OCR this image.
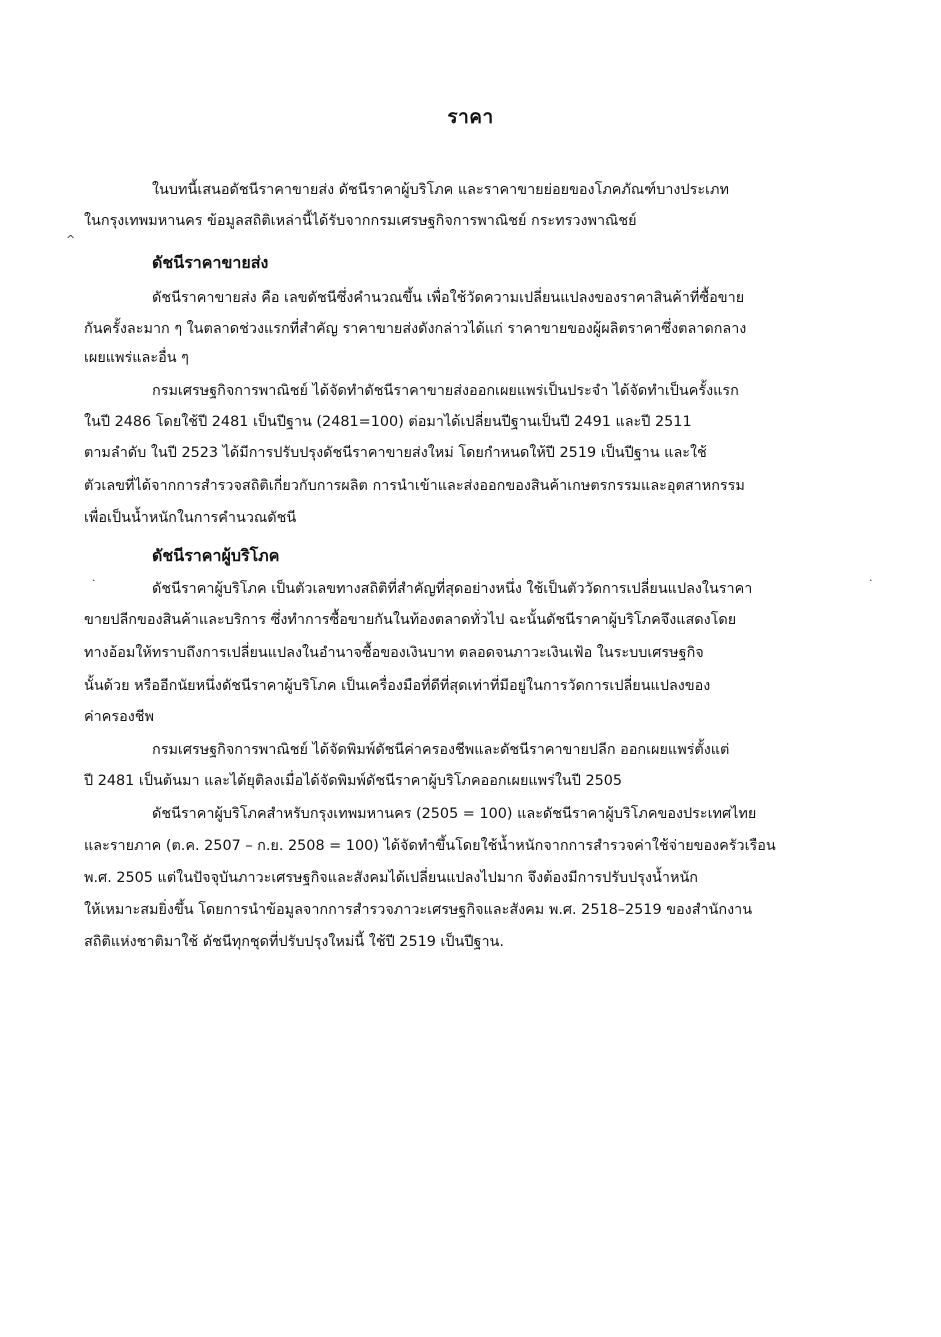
ราคา
ในบทนี้เสนอดัชนีราคาขายส่ง ดัชนีราคาผู้บริโภค และราคาขายย่อยของโภคภัณฑ์บางประเภท
ในกรุงเทพมหานคร ข้อมูลสถิติเหล่านี้ได้รับจากกรมเศรษฐกิจการพาณิชย์ กระทรวงพาณิชย์
^
ดัชนีราคาขายส่ง
ดัชนีราคาขายส่ง คือ เลขดัชนีซึ่งคำนวณขึ้น เพื่อใช้วัดความเปลี่ยนแปลงของราคาสินค้าที่ซื้อขาย
กันครั้งละมาก ๆ ในตลาดช่วงแรกที่สำคัญ ราคาขายส่งดังกล่าวได้แก่ ราคาขายของผู้ผลิตราคาซึ่งตลาดกลาง
เผยแพร่และอื่น ๆ
กรมเศรษฐกิจการพาณิชย์ ได้จัดทำดัชนีราคาขายส่งออกเผยแพร่เป็นประจำ ได้จัดทำเป็นครั้งแรก
ในปี 2486 โดยใช้ปี 2481 เป็นปีฐาน (2481=100) ต่อมาได้เปลี่ยนปีฐานเป็นปี 2491 และปี 2511
ตามลำดับ ในปี 2523 ได้มีการปรับปรุงดัชนีราคาขายส่งใหม่ โดยกำหนดให้ปี 2519 เป็นปีฐาน และใช้
ตัวเลขที่ได้จากการสำรวจสถิติเกี่ยวกับการผลิต การนำเข้าและส่งออกของสินค้าเกษตรกรรมและอุตสาหกรรม
เพื่อเป็นน้ำหนักในการคำนวณดัชนี
ดัชนีราคาผู้บริโภค
ดัชนีราคาผู้บริโภค เป็นตัวเลขทางสถิติที่สำคัญที่สุดอย่างหนึ่ง ใช้เป็นตัววัดการเปลี่ยนแปลงในราคา
ขายปลีกของสินค้าและบริการ ซึ่งทำการซื้อขายกันในท้องตลาดทั่วไป ฉะนั้นดัชนีราคาผู้บริโภคจึงแสดงโดย
ทางอ้อมให้ทราบถึงการเปลี่ยนแปลงในอำนาจซื้อของเงินบาท ตลอดจนภาวะเงินเฟ้อ ในระบบเศรษฐกิจ
นั้นด้วย หรืออีกนัยหนึ่งดัชนีราคาผู้บริโภค เป็นเครื่องมือที่ดีที่สุดเท่าที่มีอยู่ในการวัดการเปลี่ยนแปลงของ
ค่าครองชีพ
กรมเศรษฐกิจการพาณิชย์ ได้จัดพิมพ์ดัชนีค่าครองชีพและดัชนีราคาขายปลีก ออกเผยแพร่ตั้งแต่
ปี 2481 เป็นต้นมา และได้ยุติลงเมื่อได้จัดพิมพ์ดัชนีราคาผู้บริโภคออกเผยแพร่ในปี 2505
ดัชนีราคาผู้บริโภคสำหรับกรุงเทพมหานคร (2505 = 100) และดัชนีราคาผู้บริโภคของประเทศไทย
และรายภาค (ต.ค. 2507 – ก.ย. 2508 = 100) ได้จัดทำขึ้นโดยใช้น้ำหนักจากการสำรวจค่าใช้จ่ายของครัวเรือน
พ.ศ. 2505 แต่ในปัจจุบันภาวะเศรษฐกิจและสังคมได้เปลี่ยนแปลงไปมาก จึงต้องมีการปรับปรุงน้ำหนัก
ให้เหมาะสมยิ่งขึ้น โดยการนำข้อมูลจากการสำรวจภาวะเศรษฐกิจและสังคม พ.ศ. 2518–2519 ของสำนักงาน
สถิติแห่งชาติมาใช้ ดัชนีทุกชุดที่ปรับปรุงใหม่นี้ ใช้ปี 2519 เป็นปีฐาน.
·	·
